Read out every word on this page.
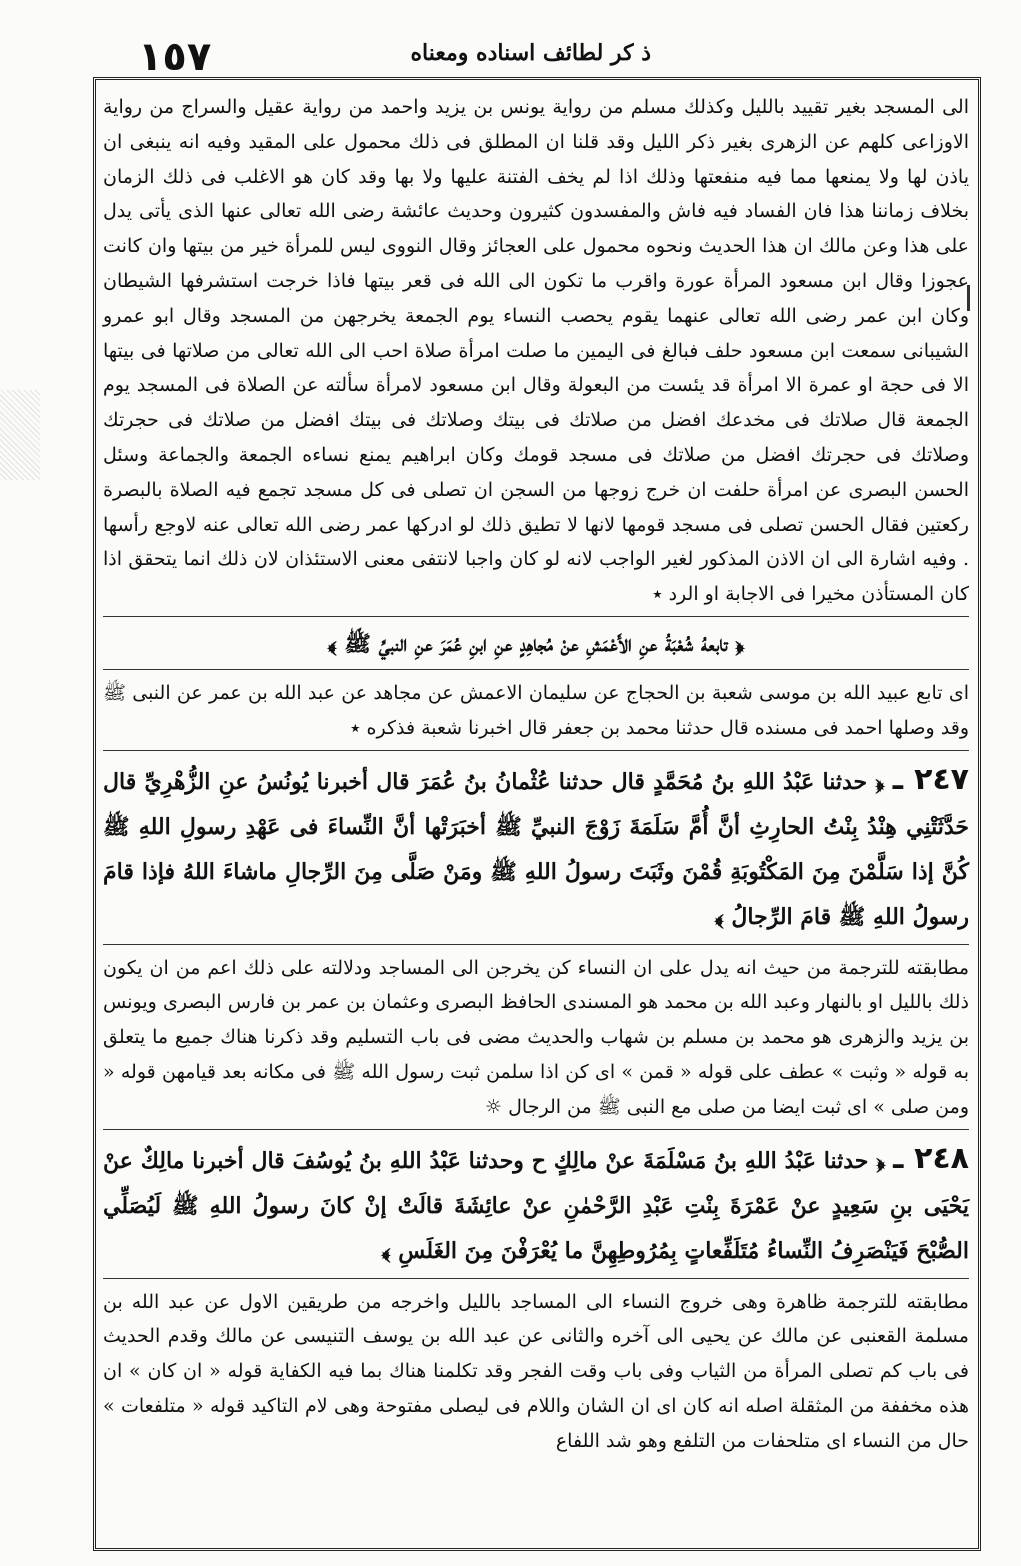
١٥٧	ذ كر لطائف اسناده ومعناه

الى المسجد بغير تقييد بالليل وكذلك مسلم من رواية يونس بن يزيد واحمد من رواية عقيل والسراج من رواية الاوزاعى كلهم عن الزهرى بغير ذكر الليل وقد قلنا ان المطلق فى ذلك محمول على المقيد وفيه انه ينبغى ان ياذن لها ولا يمنعها مما فيه منفعتها وذلك اذا لم يخف الفتنة عليها ولا بها وقد كان هو الاغلب فى ذلك الزمان بخلاف زماننا هذا فان الفساد فيه فاش والمفسدون كثيرون وحديث عائشة رضى الله تعالى عنها الذى يأتى يدل على هذا وعن مالك ان هذا الحديث ونحوه محمول على العجائز وقال النووى ليس للمرأة خير من بيتها وان كانت عجوزا وقال ابن مسعود المرأة عورة واقرب ما تكون الى الله فى قعر بيتها فاذا خرجت استشرفها الشيطان وكان ابن عمر رضى الله تعالى عنهما يقوم يحصب النساء يوم الجمعة يخرجهن من المسجد وقال ابو عمرو الشيبانى سمعت ابن مسعود حلف فبالغ فى اليمين ما صلت امرأة صلاة احب الى الله تعالى من صلاتها فى بيتها الا فى حجة او عمرة الا امرأة قد يئست من البعولة وقال ابن مسعود لامرأة سألته عن الصلاة فى المسجد يوم الجمعة قال صلاتك فى مخدعك افضل من صلاتك فى بيتك وصلاتك فى بيتك افضل من صلاتك فى حجرتك وصلاتك فى حجرتك افضل من صلاتك فى مسجد قومك وكان ابراهيم يمنع نساءه الجمعة والجماعة وسئل الحسن البصرى عن امرأة حلفت ان خرج زوجها من السجن ان تصلى فى كل مسجد تجمع فيه الصلاة بالبصرة ركعتين فقال الحسن تصلى فى مسجد قومها لانها لا تطيق ذلك لو ادركها عمر رضى الله تعالى عنه لاوجع رأسها . وفيه اشارة الى ان الاذن المذكور لغير الواجب لانه لو كان واجبا لانتفى معنى الاستئذان لان ذلك انما يتحقق اذا كان المستأذن مخيرا فى الاجابة او الرد ٭

﴿ تابعهُ شُعْبَةُ عنِ الأَعْمَشِ عنْ مُجاهِدٍ عنِ ابنِ عُمَرَ عنِ النبيِّ ﷺ ﴾

اى تابع عبيد الله بن موسى شعبة بن الحجاج عن سليمان الاعمش عن مجاهد عن عبد الله بن عمر عن النبى ﷺ وقد وصلها احمد فى مسنده قال حدثنا محمد بن جعفر قال اخبرنا شعبة فذكره ٭

٢٤٧ ـ ﴿ حدثنا عَبْدُ اللهِ بنُ مُحَمَّدٍ قال حدثنا عُثْمانُ بنُ عُمَرَ قال أخبرنا يُونُسُ عنِ الزُّهْرِيِّ قال حَدَّثَتْنِي هِنْدُ بِنْتُ الحارِثِ أنَّ أُمَّ سَلَمَةَ زَوْجَ النبيِّ ﷺ أخبَرَتْها أنَّ النِّساءَ فى عَهْدِ رسولِ اللهِ ﷺ كُنَّ إذا سَلَّمْنَ مِنَ المَكْتُوبَةِ قُمْنَ وثَبَتَ رسولُ اللهِ ﷺ ومَنْ صَلَّى مِنَ الرِّجالِ ماشاءَ اللهُ فإذا قامَ رسولُ اللهِ ﷺ قامَ الرِّجالُ ﴾

مطابقته للترجمة من حيث انه يدل على ان النساء كن يخرجن الى المساجد ودلالته على ذلك اعم من ان يكون ذلك بالليل او بالنهار وعبد الله بن محمد هو المسندى الحافظ البصرى وعثمان بن عمر بن فارس البصرى ويونس بن يزيد والزهرى هو محمد بن مسلم بن شهاب والحديث مضى فى باب التسليم وقد ذكرنا هناك جميع ما يتعلق به قوله « وثبت » عطف على قوله « قمن » اى كن اذا سلمن ثبت رسول الله ﷺ فى مكانه بعد قيامهن قوله « ومن صلى » اى ثبت ايضا من صلى مع النبى ﷺ من الرجال ☼

٢٤٨ ـ ﴿ حدثنا عَبْدُ اللهِ بنُ مَسْلَمَةَ عنْ مالِكٍ ح وحدثنا عَبْدُ اللهِ بنُ يُوسُفَ قال أخبرنا مالِكٌ عنْ يَحْيَى بنِ سَعِيدٍ عنْ عَمْرَةَ بِنْتِ عَبْدِ الرَّحْمٰنِ عنْ عائِشَةَ قالَتْ إنْ كانَ رسولُ اللهِ ﷺ لَيُصَلِّي الصُّبْحَ فَيَنْصَرِفُ النِّساءُ مُتَلَفِّعاتٍ بِمُرُوطِهِنَّ ما يُعْرَفْنَ مِنَ الغَلَسِ ﴾

مطابقته للترجمة ظاهرة وهى خروج النساء الى المساجد بالليل واخرجه من طريقين الاول عن عبد الله بن مسلمة القعنبى عن مالك عن يحيى الى آخره والثانى عن عبد الله بن يوسف التنيسى عن مالك وقدم الحديث فى باب كم تصلى المرأة من الثياب وفى باب وقت الفجر وقد تكلمنا هناك بما فيه الكفاية قوله « ان كان » ان هذه مخففة من المثقلة اصله انه كان اى ان الشان واللام فى ليصلى مفتوحة وهى لام التاكيد قوله « متلفعات » حال من النساء اى متلحفات من التلفع وهو شد اللفاع
